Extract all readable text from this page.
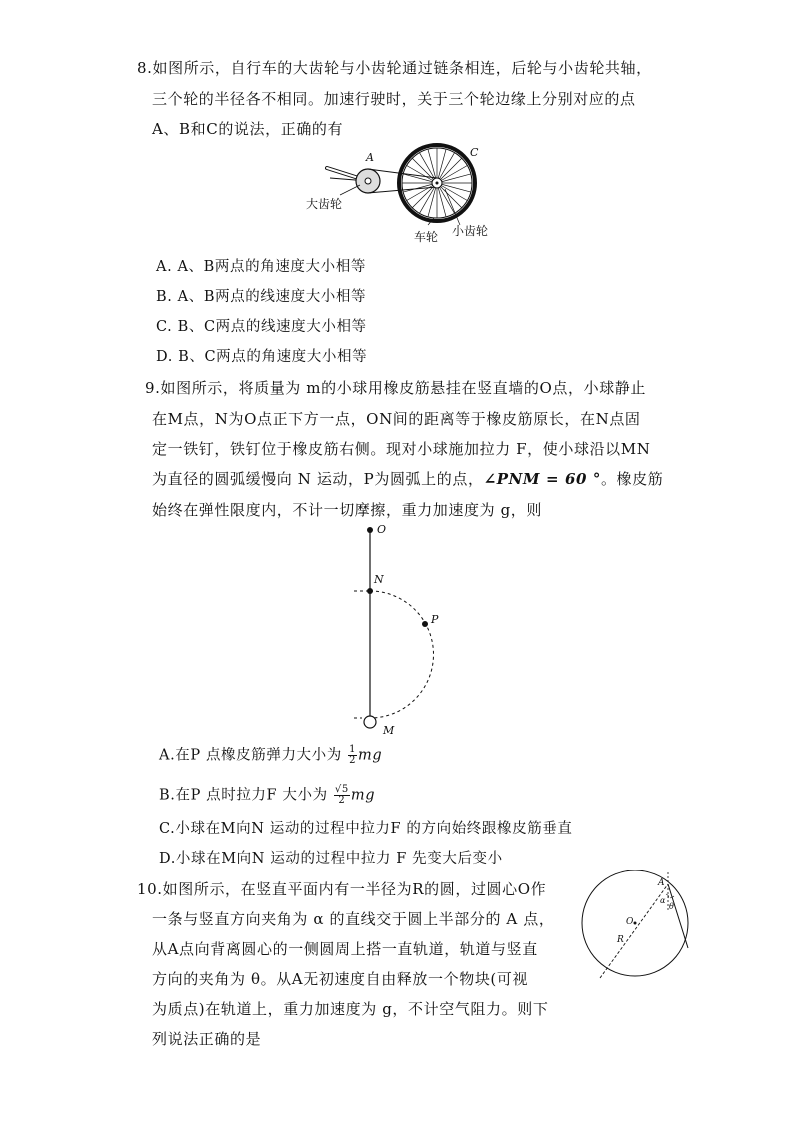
8.如图所示，自行车的大齿轮与小齿轮通过链条相连，后轮与小齿轮共轴，
三个轮的半径各不相同。加速行驶时，关于三个轮边缘上分别对应的点
A、B和C的说法，正确的有
A	C
大齿轮
车轮 小齿轮
A. A、B两点的角速度大小相等
B. A、B两点的线速度大小相等
C. B、C两点的线速度大小相等
D. B、C两点的角速度大小相等
9.如图所示，将质量为 m的小球用橡皮筋悬挂在竖直墙的O点，小球静止
在M点，N为O点正下方一点，ON间的距离等于橡皮筋原长，在N点固
定一铁钉，铁钉位于橡皮筋右侧。现对小球施加拉力 F，使小球沿以MN
为直径的圆弧缓慢向 N 运动，P为圆弧上的点，∠PNM = 60 °。橡皮筋
始终在弹性限度内，不计一切摩擦，重力加速度为 g，则
O
N
P
M
A.在P 点橡皮筋弹力大小为 $\frac{1}{2}$ mg
B.在P 点时拉力F 大小为 $\frac{√5}{2}$ mg
C.小球在M向N 运动的过程中拉力F 的方向始终跟橡皮筋垂直
D.小球在M向N 运动的过程中拉力 F 先变大后变小
10.如图所示，在竖直平面内有一半径为R的圆，过圆心O作
一条与竖直方向夹角为 α 的直线交于圆上半部分的 A 点，
从A点向背离圆心的一侧圆周上搭一直轨道，轨道与竖直
方向的夹角为 θ。从A无初速度自由释放一个物块(可视
为质点)在轨道上，重力加速度为 g，不计空气阻力。则下
列说法正确的是
A
α
θ
O
R
